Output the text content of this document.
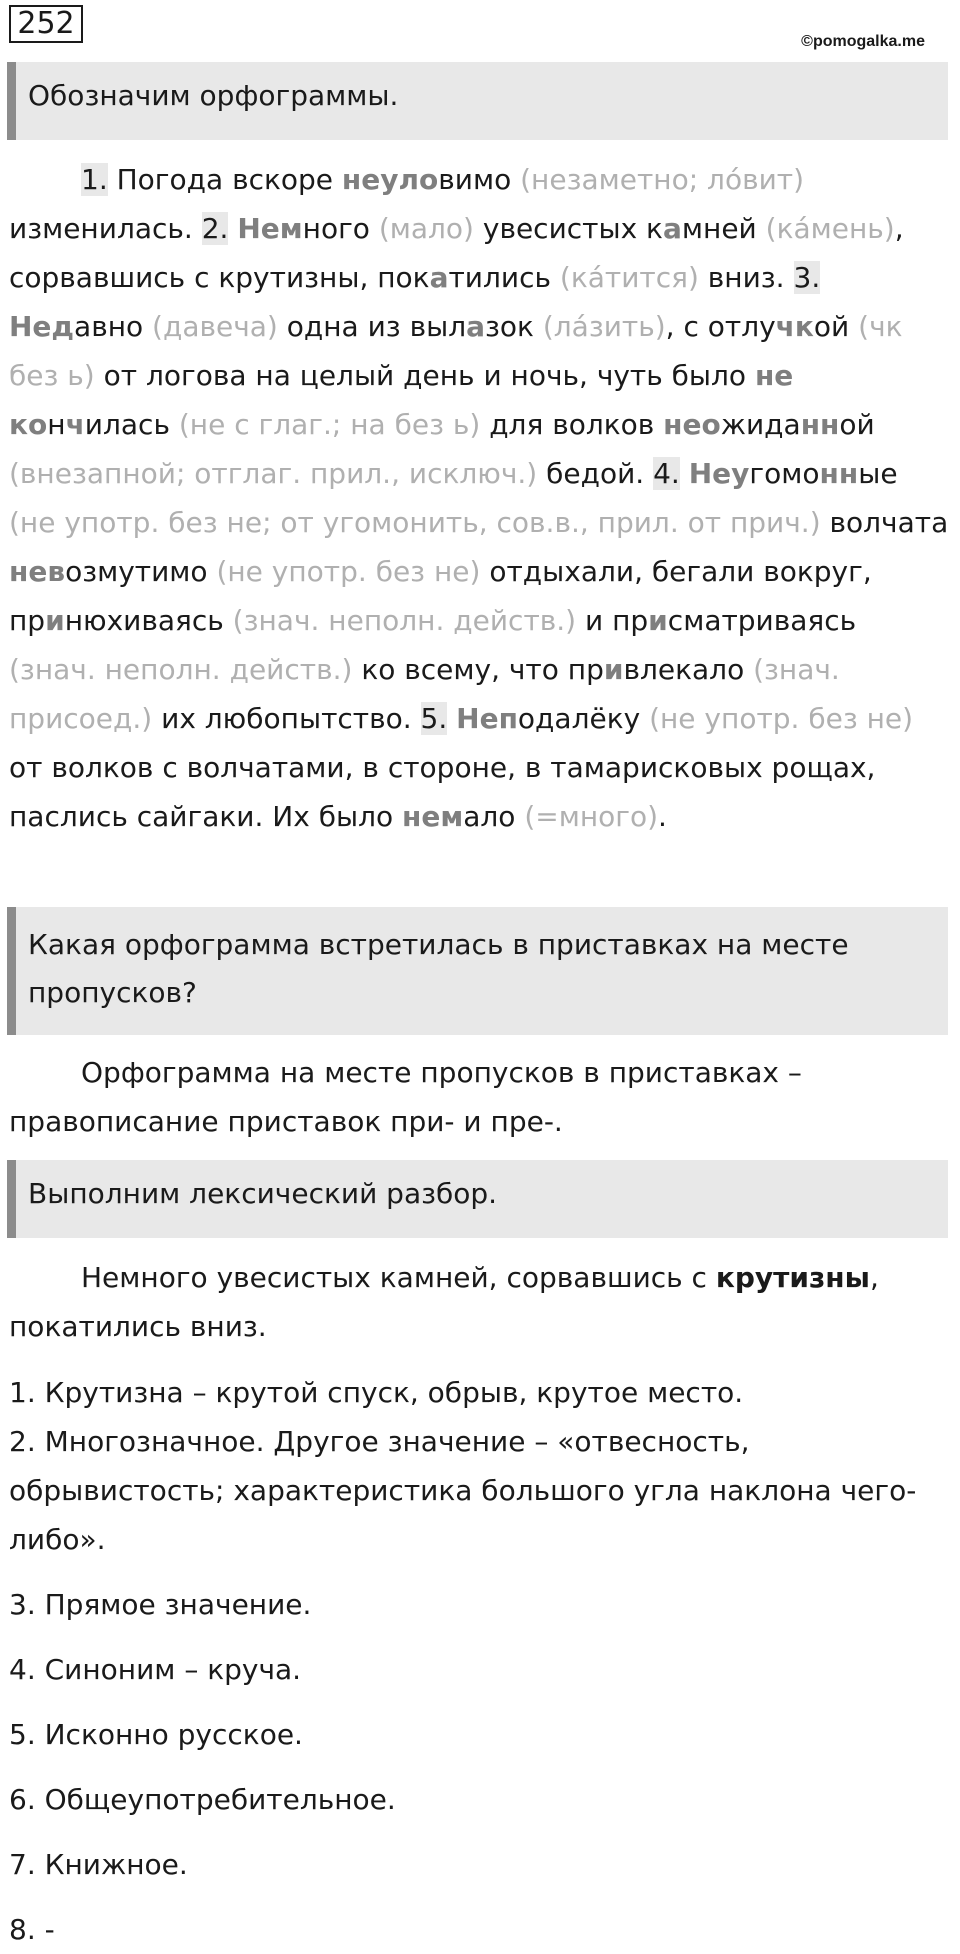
252
©pomogalka.me
Обозначим орфограммы.

1. Погода вскоре неуловимо (незаметно; ло́вит) изменилась. 2. Немного (мало) увесистых камней (ка́мень), сорвавшись с крутизны, покатились (ка́тится) вниз. 3. Недавно (давеча) одна из вылазок (ла́зить), с отлучкой (чк без ь) от логова на целый день и ночь, чуть было не кончилась (не с глаг.; на без ь) для волков неожиданной (внезапной; отглаг. прил., исключ.) бедой. 4. Неугомонные (не употр. без не; от угомонить, сов.в., прил. от прич.) волчата невозмутимо (не употр. без не) отдыхали, бегали вокруг, принюхиваясь (знач. неполн. действ.) и присматриваясь (знач. неполн. действ.) ко всему, что привлекало (знач. присоед.) их любопытство. 5. Неподалёку (не употр. без не) от волков с волчатами, в стороне, в тамарисковых рощах, паслись сайгаки. Их было немало (=много).

Какая орфограмма встретилась в приставках на месте пропусков?

Орфограмма на месте пропусков в приставках – правописание приставок при- и пре-.

Выполним лексический разбор.

Немного увесистых камней, сорвавшись с крутизны, покатились вниз.

1. Крутизна – крутой спуск, обрыв, крутое место.

2. Многозначное. Другое значение – «отвесность, обрывистость; характеристика большого угла наклона чего-либо».

3. Прямое значение.

4. Синоним – круча.

5. Исконно русское.

6. Общеупотребительное.

7. Книжное.

8. -
